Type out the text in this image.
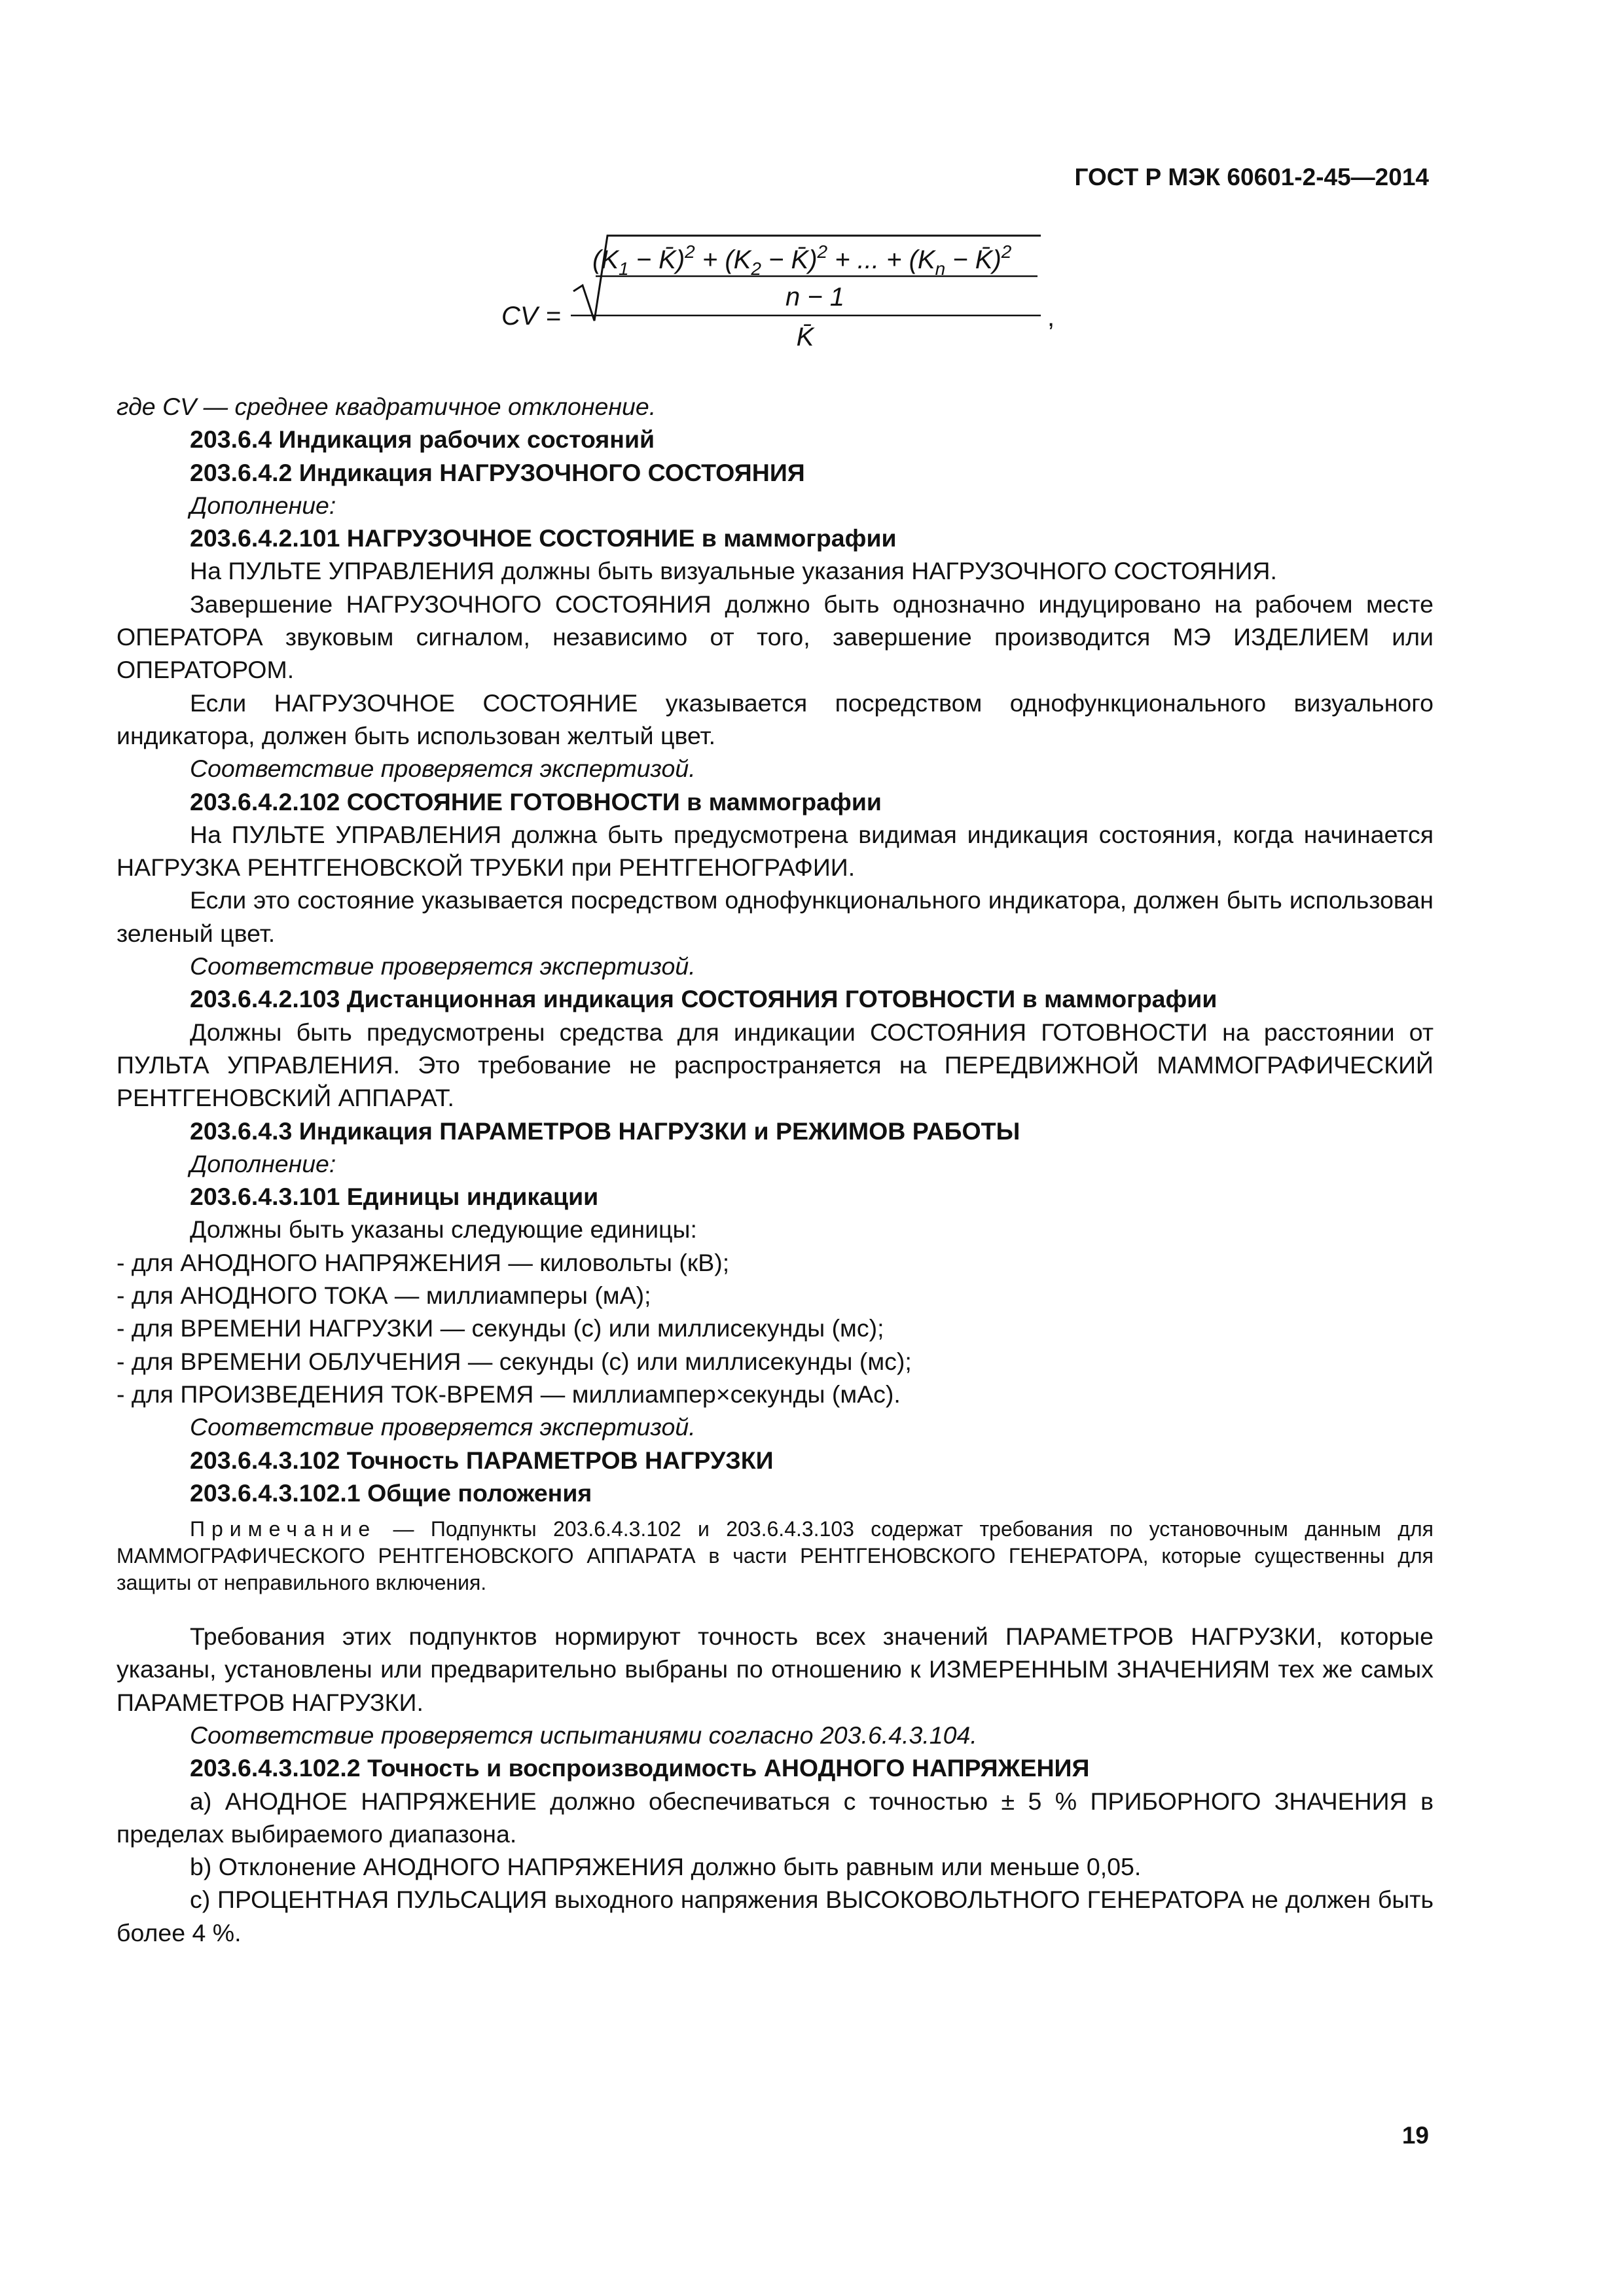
ГОСТ Р МЭК 60601-2-45—2014
($K_1$ − K̄)$^2$ + ($K_2$ − K̄)$^2$ + ... + ($K_n$ − K̄)$^2$
n − 1
K̄
CV =	,

где CV — среднее квадратичное отклонение.

203.6.4 Индикация рабочих состояний

203.6.4.2 Индикация НАГРУЗОЧНОГО СОСТОЯНИЯ

Дополнение:

203.6.4.2.101 НАГРУЗОЧНОЕ СОСТОЯНИЕ в маммографии

На ПУЛЬТЕ УПРАВЛЕНИЯ должны быть визуальные указания НАГРУЗОЧНОГО СОСТОЯНИЯ.

Завершение НАГРУЗОЧНОГО СОСТОЯНИЯ должно быть однозначно индуцировано на рабочем месте ОПЕРАТОРА звуковым сигналом, независимо от того, завершение производится МЭ ИЗДЕЛИЕМ или ОПЕРАТОРОМ.

Если НАГРУЗОЧНОЕ СОСТОЯНИЕ указывается посредством однофункционального визуального индикатора, должен быть использован желтый цвет.

Соответствие проверяется экспертизой.

203.6.4.2.102 СОСТОЯНИЕ ГОТОВНОСТИ в маммографии

На ПУЛЬТЕ УПРАВЛЕНИЯ должна быть предусмотрена видимая индикация состояния, когда начинается НАГРУЗКА РЕНТГЕНОВСКОЙ ТРУБКИ при РЕНТГЕНОГРАФИИ.

Если это состояние указывается посредством однофункционального индикатора, должен быть использован зеленый цвет.

Соответствие проверяется экспертизой.

203.6.4.2.103 Дистанционная индикация СОСТОЯНИЯ ГОТОВНОСТИ в маммографии

Должны быть предусмотрены средства для индикации СОСТОЯНИЯ ГОТОВНОСТИ на расстоянии от ПУЛЬТА УПРАВЛЕНИЯ. Это требование не распространяется на ПЕРЕДВИЖНОЙ МАММОГРАФИЧЕСКИЙ РЕНТГЕНОВСКИЙ АППАРАТ.

203.6.4.3 Индикация ПАРАМЕТРОВ НАГРУЗКИ и РЕЖИМОВ РАБОТЫ

Дополнение:

203.6.4.3.101 Единицы индикации

Должны быть указаны следующие единицы:

- для АНОДНОГО НАПРЯЖЕНИЯ — киловольты (кВ);

- для АНОДНОГО ТОКА — миллиамперы (мА);

- для ВРЕМЕНИ НАГРУЗКИ — секунды (с) или миллисекунды (мс);

- для ВРЕМЕНИ ОБЛУЧЕНИЯ — секунды (с) или миллисекунды (мс);

- для ПРОИЗВЕДЕНИЯ ТОК-ВРЕМЯ — миллиампер×секунды (мАс).

Соответствие проверяется экспертизой.

203.6.4.3.102 Точность ПАРАМЕТРОВ НАГРУЗКИ

203.6.4.3.102.1 Общие положения

Примечание — Подпункты 203.6.4.3.102 и 203.6.4.3.103 содержат требования по установочным данным для МАММОГРАФИЧЕСКОГО РЕНТГЕНОВСКОГО АППАРАТА в части РЕНТГЕНОВСКОГО ГЕНЕРАТОРА, которые существенны для защиты от неправильного включения.

Требования этих подпунктов нормируют точность всех значений ПАРАМЕТРОВ НАГРУЗКИ, которые указаны, установлены или предварительно выбраны по отношению к ИЗМЕРЕННЫМ ЗНАЧЕНИЯМ тех же самых ПАРАМЕТРОВ НАГРУЗКИ.

Соответствие проверяется испытаниями согласно 203.6.4.3.104.

203.6.4.3.102.2 Точность и воспроизводимость АНОДНОГО НАПРЯЖЕНИЯ

a) АНОДНОЕ НАПРЯЖЕНИЕ должно обеспечиваться с точностью ± 5 % ПРИБОРНОГО ЗНАЧЕНИЯ в пределах выбираемого диапазона.

b) Отклонение АНОДНОГО НАПРЯЖЕНИЯ должно быть равным или меньше 0,05.

c) ПРОЦЕНТНАЯ ПУЛЬСАЦИЯ выходного напряжения ВЫСОКОВОЛЬТНОГО ГЕНЕРАТОРА не должен быть более 4 %.

19
